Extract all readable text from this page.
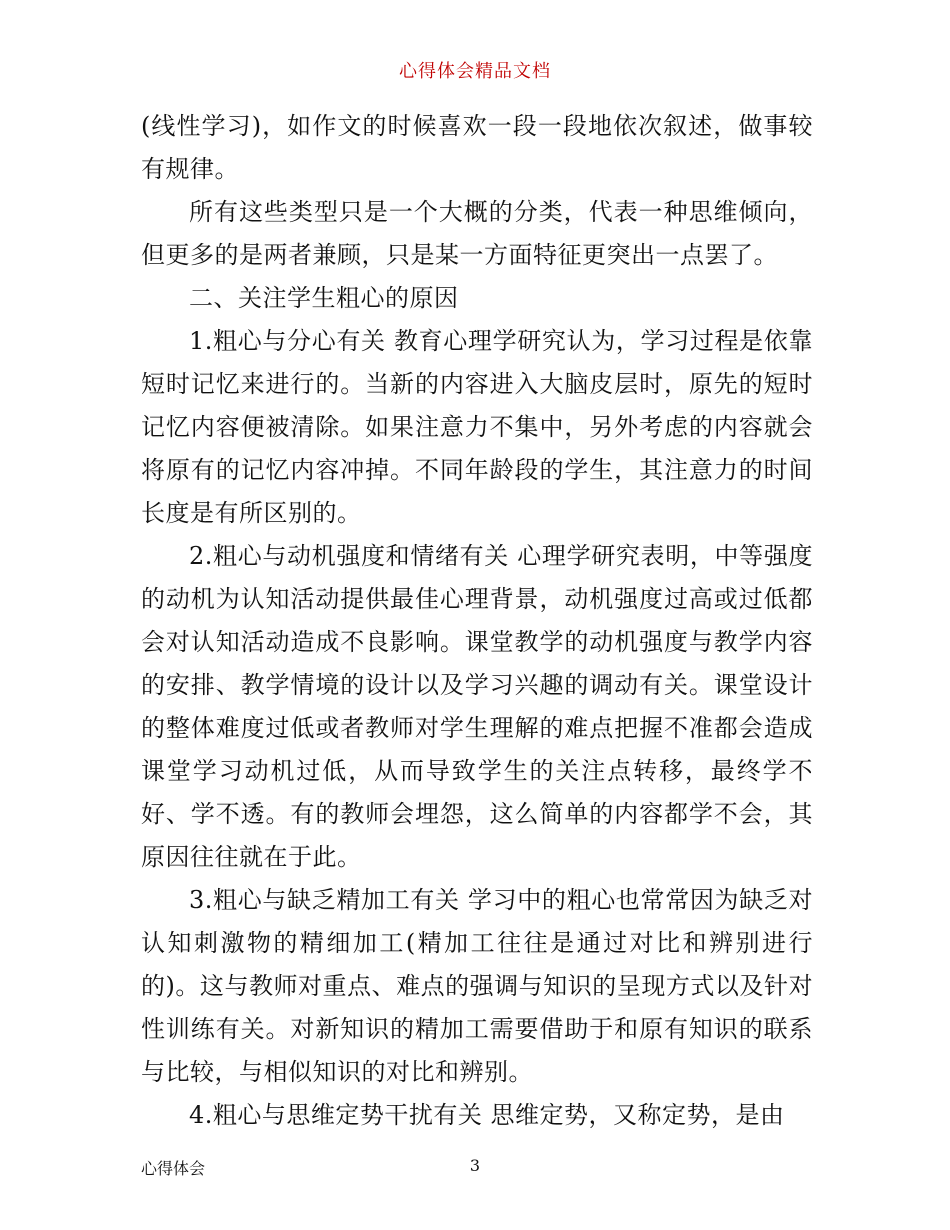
心得体会精品文档

(线性学习)，如作文的时候喜欢一段一段地依次叙述，做事较有规律。

所有这些类型只是一个大概的分类，代表一种思维倾向，但更多的是两者兼顾，只是某一方面特征更突出一点罢了。

二、关注学生粗心的原因

1.粗心与分心有关 教育心理学研究认为，学习过程是依靠短时记忆来进行的。当新的内容进入大脑皮层时，原先的短时记忆内容便被清除。如果注意力不集中，另外考虑的内容就会将原有的记忆内容冲掉。不同年龄段的学生，其注意力的时间长度是有所区别的。

2.粗心与动机强度和情绪有关 心理学研究表明，中等强度的动机为认知活动提供最佳心理背景，动机强度过高或过低都会对认知活动造成不良影响。课堂教学的动机强度与教学内容的安排、教学情境的设计以及学习兴趣的调动有关。课堂设计的整体难度过低或者教师对学生理解的难点把握不准都会造成课堂学习动机过低，从而导致学生的关注点转移，最终学不好、学不透。有的教师会埋怨，这么简单的内容都学不会，其原因往往就在于此。

3.粗心与缺乏精加工有关 学习中的粗心也常常因为缺乏对认知刺激物的精细加工(精加工往往是通过对比和辨别进行的)。这与教师对重点、难点的强调与知识的呈现方式以及针对性训练有关。对新知识的精加工需要借助于和原有知识的联系与比较，与相似知识的对比和辨别。

4.粗心与思维定势干扰有关 思维定势，又称定势，是由

心得体会	3
